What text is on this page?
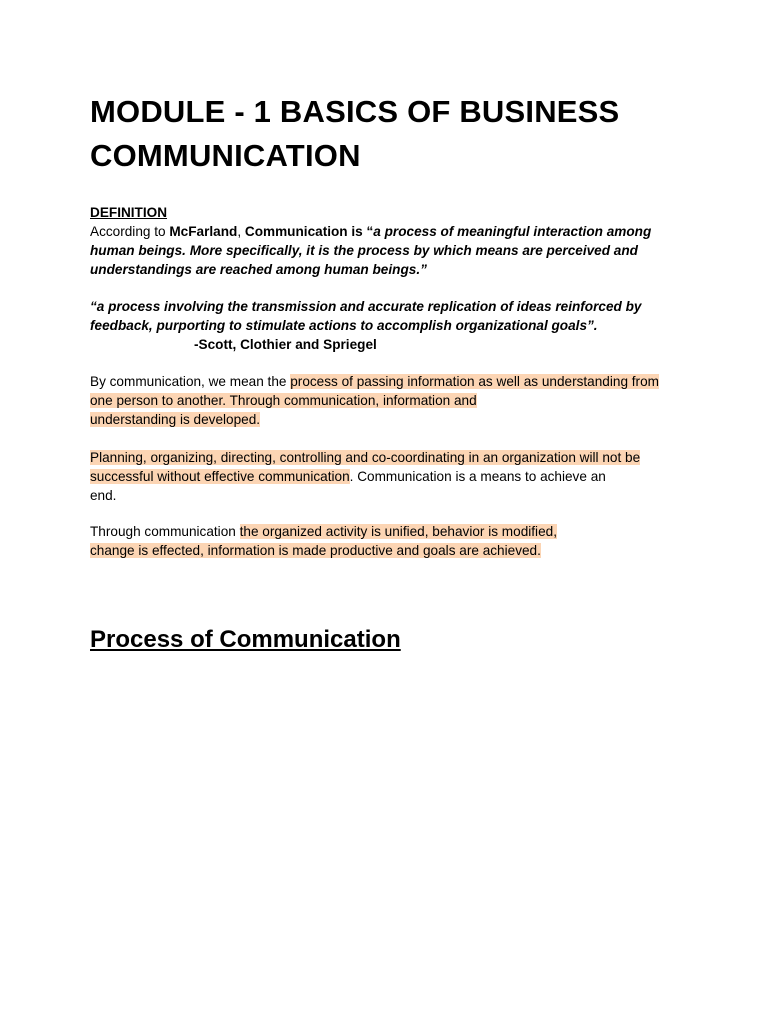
MODULE - 1 BASICS OF BUSINESS
COMMUNICATION
DEFINITION
According to McFarland, Communication is “a process of meaningful interaction among
human beings. More specifically, it is the process by which means are perceived and
understandings are reached among human beings.”
“a process involving the transmission and accurate replication of ideas reinforced by
feedback, purporting to stimulate actions to accomplish organizational goals”.

-Scott, Clothier and Spriegel
By communication, we mean the process of passing information as well as understanding from
one person to another. Through communication, information and
understanding is developed.
Planning, organizing, directing, controlling and co-coordinating in an organization will not be
successful without effective communication. Communication is a means to achieve an
end.
Through communication the organized activity is unified, behavior is modified,
change is effected, information is made productive and goals are achieved.
Process of Communication
